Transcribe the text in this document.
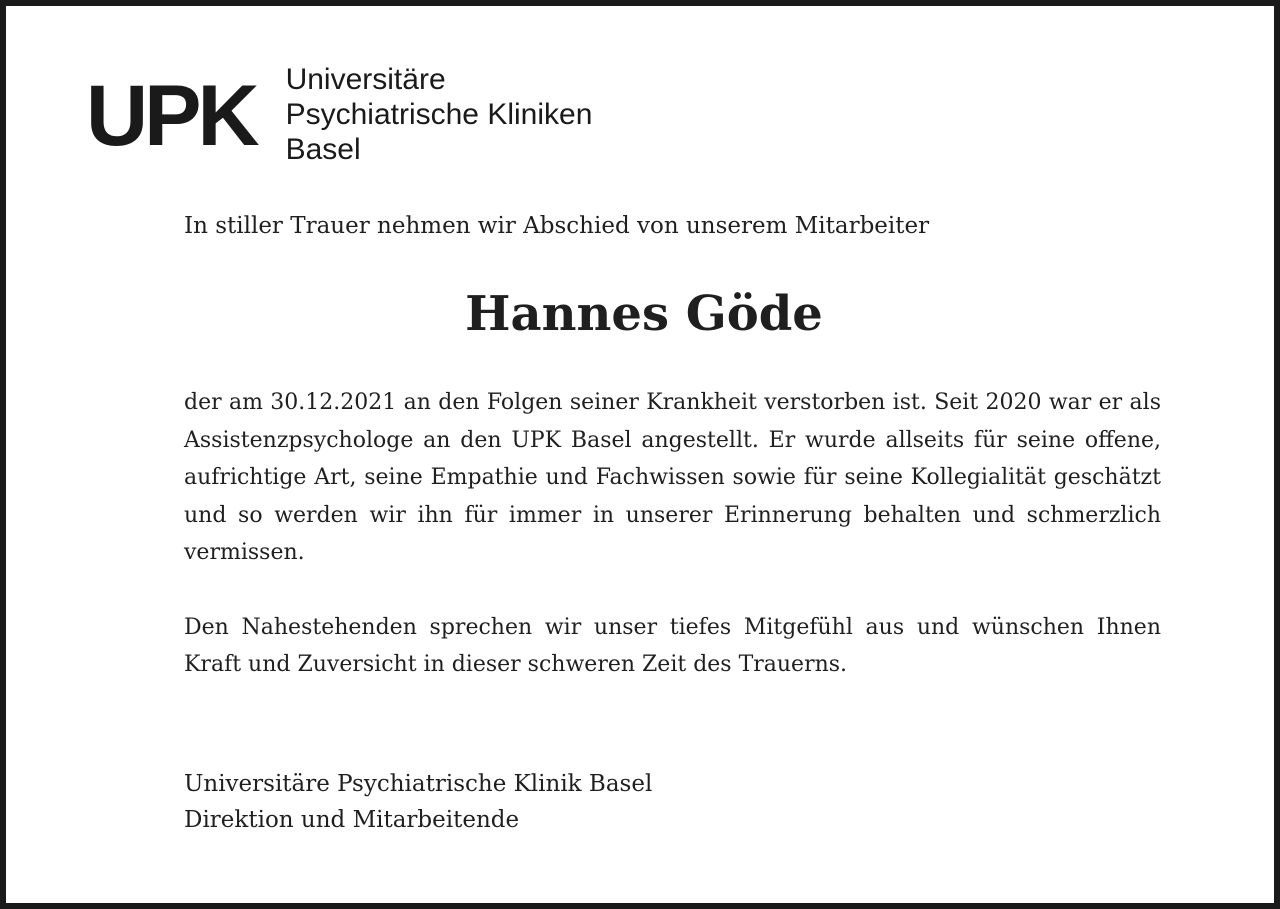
UPK Universitäre
Psychiatrische Kliniken
Basel
In stiller Trauer nehmen wir Abschied von unserem Mitarbeiter
Hannes Göde

der am 30.12.2021 an den Folgen seiner Krankheit verstorben ist. Seit 2020 war er als Assistenzpsychologe an den UPK Basel angestellt. Er wurde allseits für seine offene, aufrichtige Art, seine Empathie und Fachwissen sowie für seine Kollegialität geschätzt und so werden wir ihn für immer in unserer Erinnerung behalten und schmerzlich vermissen.

Den Nahestehenden sprechen wir unser tiefes Mitgefühl aus und wünschen Ihnen Kraft und Zuversicht in dieser schweren Zeit des Trauerns.

Universitäre Psychiatrische Klinik Basel
Direktion und Mitarbeitende
